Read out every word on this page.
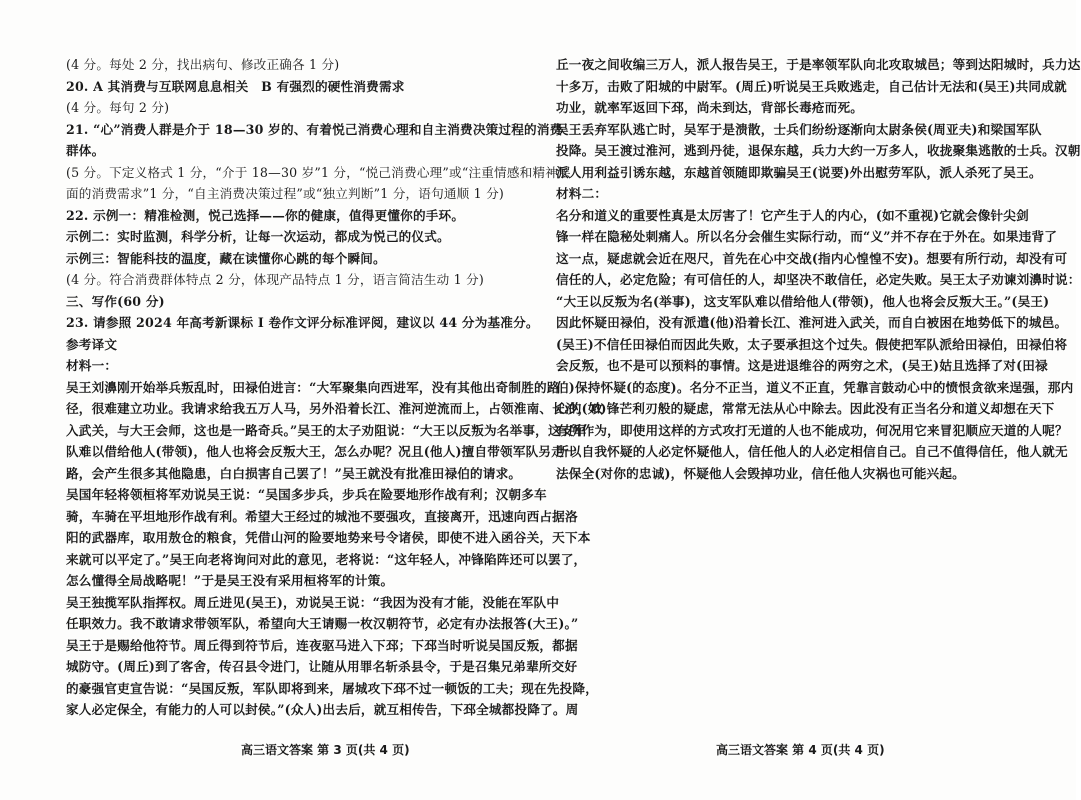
(4 分。每处 2 分，找出病句、修改正确各 1 分)
20. A 其消费与互联网息息相关　B 有强烈的硬性消费需求
(4 分。每句 2 分)
21. “心”消费人群是介于 18—30 岁的、有着悦己消费心理和自主消费决策过程的消费
群体。
(5 分。下定义格式 1 分，“介于 18—30 岁”1 分，“悦己消费心理”或“注重情感和精神层
面的消费需求”1 分，“自主消费决策过程”或“独立判断”1 分，语句通顺 1 分)
22. 示例一：精准检测，悦己选择——你的健康，值得更懂你的手环。
示例二：实时监测，科学分析，让每一次运动，都成为悦己的仪式。
示例三：智能科技的温度，藏在读懂你心跳的每个瞬间。
(4 分。符合消费群体特点 2 分，体现产品特点 1 分，语言简洁生动 1 分)
三、写作(60 分)
23. 请参照 2024 年高考新课标 Ⅰ 卷作文评分标准评阅，建议以 44 分为基准分。
参考译文
材料一：
吴王刘濞刚开始举兵叛乱时，田禄伯进言：“大军聚集向西进军，没有其他出奇制胜的路
径，很难建立功业。我请求给我五万人马，另外沿着长江、淮河逆流而上，占领淮南、长沙，攻
入武关，与大王会师，这也是一路奇兵。”吴王的太子劝阻说：“大王以反叛为名举事，这支军
队难以借给他人(带领)，他人也将会反叛大王，怎么办呢？况且(他人)擅自带领军队另走一
路，会产生很多其他隐患，白白损害自己罢了！”吴王就没有批准田禄伯的请求。
吴国年轻将领桓将军劝说吴王说：“吴国多步兵，步兵在险要地形作战有利；汉朝多车
骑，车骑在平坦地形作战有利。希望大王经过的城池不要强攻，直接离开，迅速向西占据洛
阳的武器库，取用敖仓的粮食，凭借山河的险要地势来号令诸侯，即使不进入函谷关，天下本
来就可以平定了。”吴王向老将询问对此的意见，老将说：“这年轻人，冲锋陷阵还可以罢了，
怎么懂得全局战略呢！”于是吴王没有采用桓将军的计策。
吴王独揽军队指挥权。周丘进见(吴王)，劝说吴王说：“我因为没有才能，没能在军队中
任职效力。我不敢请求带领军队，希望向大王请赐一枚汉朝符节，必定有办法报答(大王)。”
吴王于是赐给他符节。周丘得到符节后，连夜驱马进入下邳；下邳当时听说吴国反叛，都据
城防守。(周丘)到了客舍，传召县令进门，让随从用罪名斩杀县令，于是召集兄弟辈所交好
的豪强官吏宣告说：“吴国反叛，军队即将到来，屠城攻下邳不过一顿饭的工夫；现在先投降，
家人必定保全，有能力的人可以封侯。”(众人)出去后，就互相传告，下邳全城都投降了。周
高三语文答案 第 3 页(共 4 页)
丘一夜之间收编三万人，派人报告吴王，于是率领军队向北攻取城邑；等到达阳城时，兵力达
十多万，击败了阳城的中尉军。(周丘)听说吴王兵败逃走，自己估计无法和(吴王)共同成就
功业，就率军返回下邳，尚未到达，背部长毒疮而死。
吴王丢弃军队逃亡时，吴军于是溃散，士兵们纷纷逐渐向太尉条侯(周亚夫)和梁国军队
投降。吴王渡过淮河，逃到丹徒，退保东越，兵力大约一万多人，收拢聚集逃散的士兵。汉朝
派人用利益引诱东越，东越首领随即欺骗吴王(说要)外出慰劳军队，派人杀死了吴王。
材料二：
名分和道义的重要性真是太厉害了！它产生于人的内心，(如不重视)它就会像针尖剑
锋一样在隐秘处刺痛人。所以名分会催生实际行动，而“义”并不存在于外在。如果违背了
这一点，疑虑就会近在咫尺，首先在心中交战(指内心惶惶不安)。想要有所行动，却没有可
信任的人，必定危险；有可信任的人，却坚决不敢信任，必定失败。吴王太子劝谏刘濞时说：
“大王以反叛为名(举事)，这支军队难以借给他人(带领)，他人也将会反叛大王。”(吴王)
因此怀疑田禄伯，没有派遣(他)沿着长江、淮河进入武关，而自白被困在地势低下的城邑。
(吴王)不信任田禄伯而因此失败，太子要承担这个过失。假使把军队派给田禄伯，田禄伯将
会反叛，也不是可以预料的事情。这是进退维谷的两穷之术，(吴王)姑且选择了对(田禄
伯)保持怀疑(的态度)。名分不正当，道义不正直，凭靠言鼓动心中的愤恨贪欲来逞强，那内
心的(如)锋芒利刃般的疑虑，常常无法从心中除去。因此没有正当名分和道义却想在天下
有所作为，即使用这样的方式攻打无道的人也不能成功，何况用它来冒犯顺应天道的人呢？
所以自我怀疑的人必定怀疑他人，信任他人的人必定相信自己。自己不值得信任，他人就无
法保全(对你的忠诚)，怀疑他人会毁掉功业，信任他人灾祸也可能兴起。
高三语文答案 第 4 页(共 4 页)
